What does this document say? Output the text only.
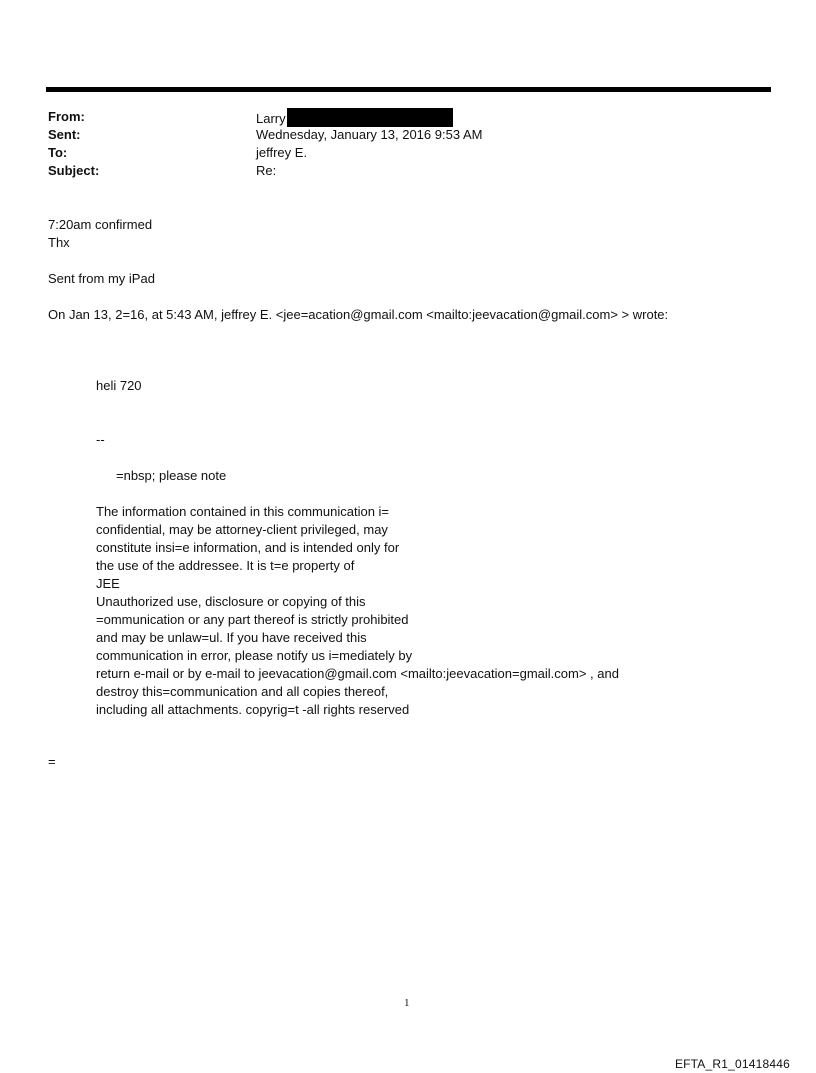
From:	Larry
Sent:	Wednesday, January 13, 2016 9:53 AM
To:	jeffrey E.
Subject:	Re:
7:20am confirmed
Thx
Sent from my iPad
On Jan 13, 2=16, at 5:43 AM, jeffrey E. <jee=acation@gmail.com <mailto:jeevacation@gmail.com> > wrote:
heli 720
--
=nbsp; please note
The information contained in this communication i=
confidential, may be attorney-client privileged, may
constitute insi=e information, and is intended only for
the use of the addressee. It is t=e property of
JEE
Unauthorized use, disclosure or copying of this
=ommunication or any part thereof is strictly prohibited
and may be unlaw=ul. If you have received this
communication in error, please notify us i=mediately by
return e-mail or by e-mail to jeevacation@gmail.com <mailto:jeevacation=gmail.com> , and
destroy this=communication and all copies thereof,
including all attachments. copyrig=t -all rights reserved
=
1
EFTA_R1_01418446
